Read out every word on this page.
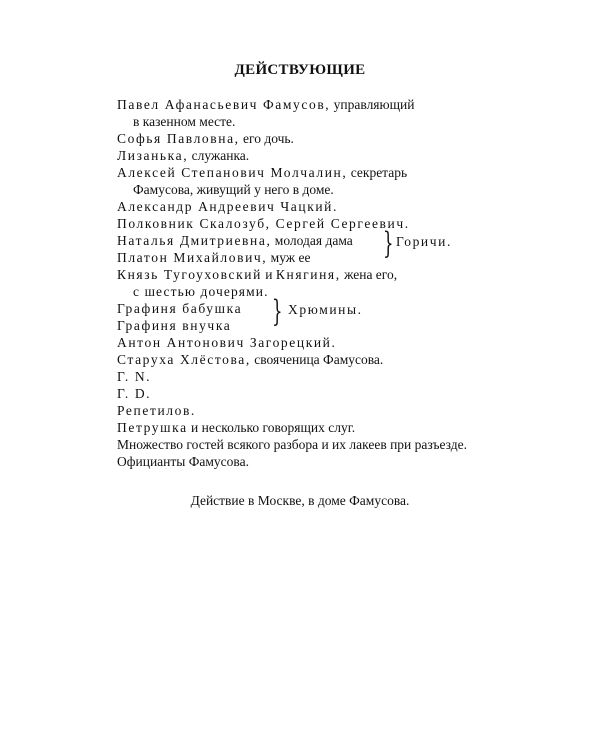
ДЕЙСТВУЮЩИЕ

Павел Афанасьевич Фамусов, управляющий

в казенном месте.

Софья Павловна, его дочь.

Лизанька, служанка.

Алексей Степанович Молчалин, секретарь

Фамусова, живущий у него в доме.

Александр Андреевич Чацкий.

Полковник Скалозуб, Сергей Сергеевич.

Наталья Дмитриевна, молодая дама

Платон Михайлович, муж ее } Горичи.

Князь Тугоуховский и Княгиня, жена его,

с шестью дочерями.

Графиня бабушка

Графиня внучка } Хрюмины.

Антон Антонович Загорецкий.

Старуха Хлёстова, свояченица Фамусова.

Г. N.

Г. D.

Репетилов.

Петрушка и несколько говорящих слуг.

Множество гостей всякого разбора и их лакеев при разъезде.

Официанты Фамусова.

Действие в Москве, в доме Фамусова.
